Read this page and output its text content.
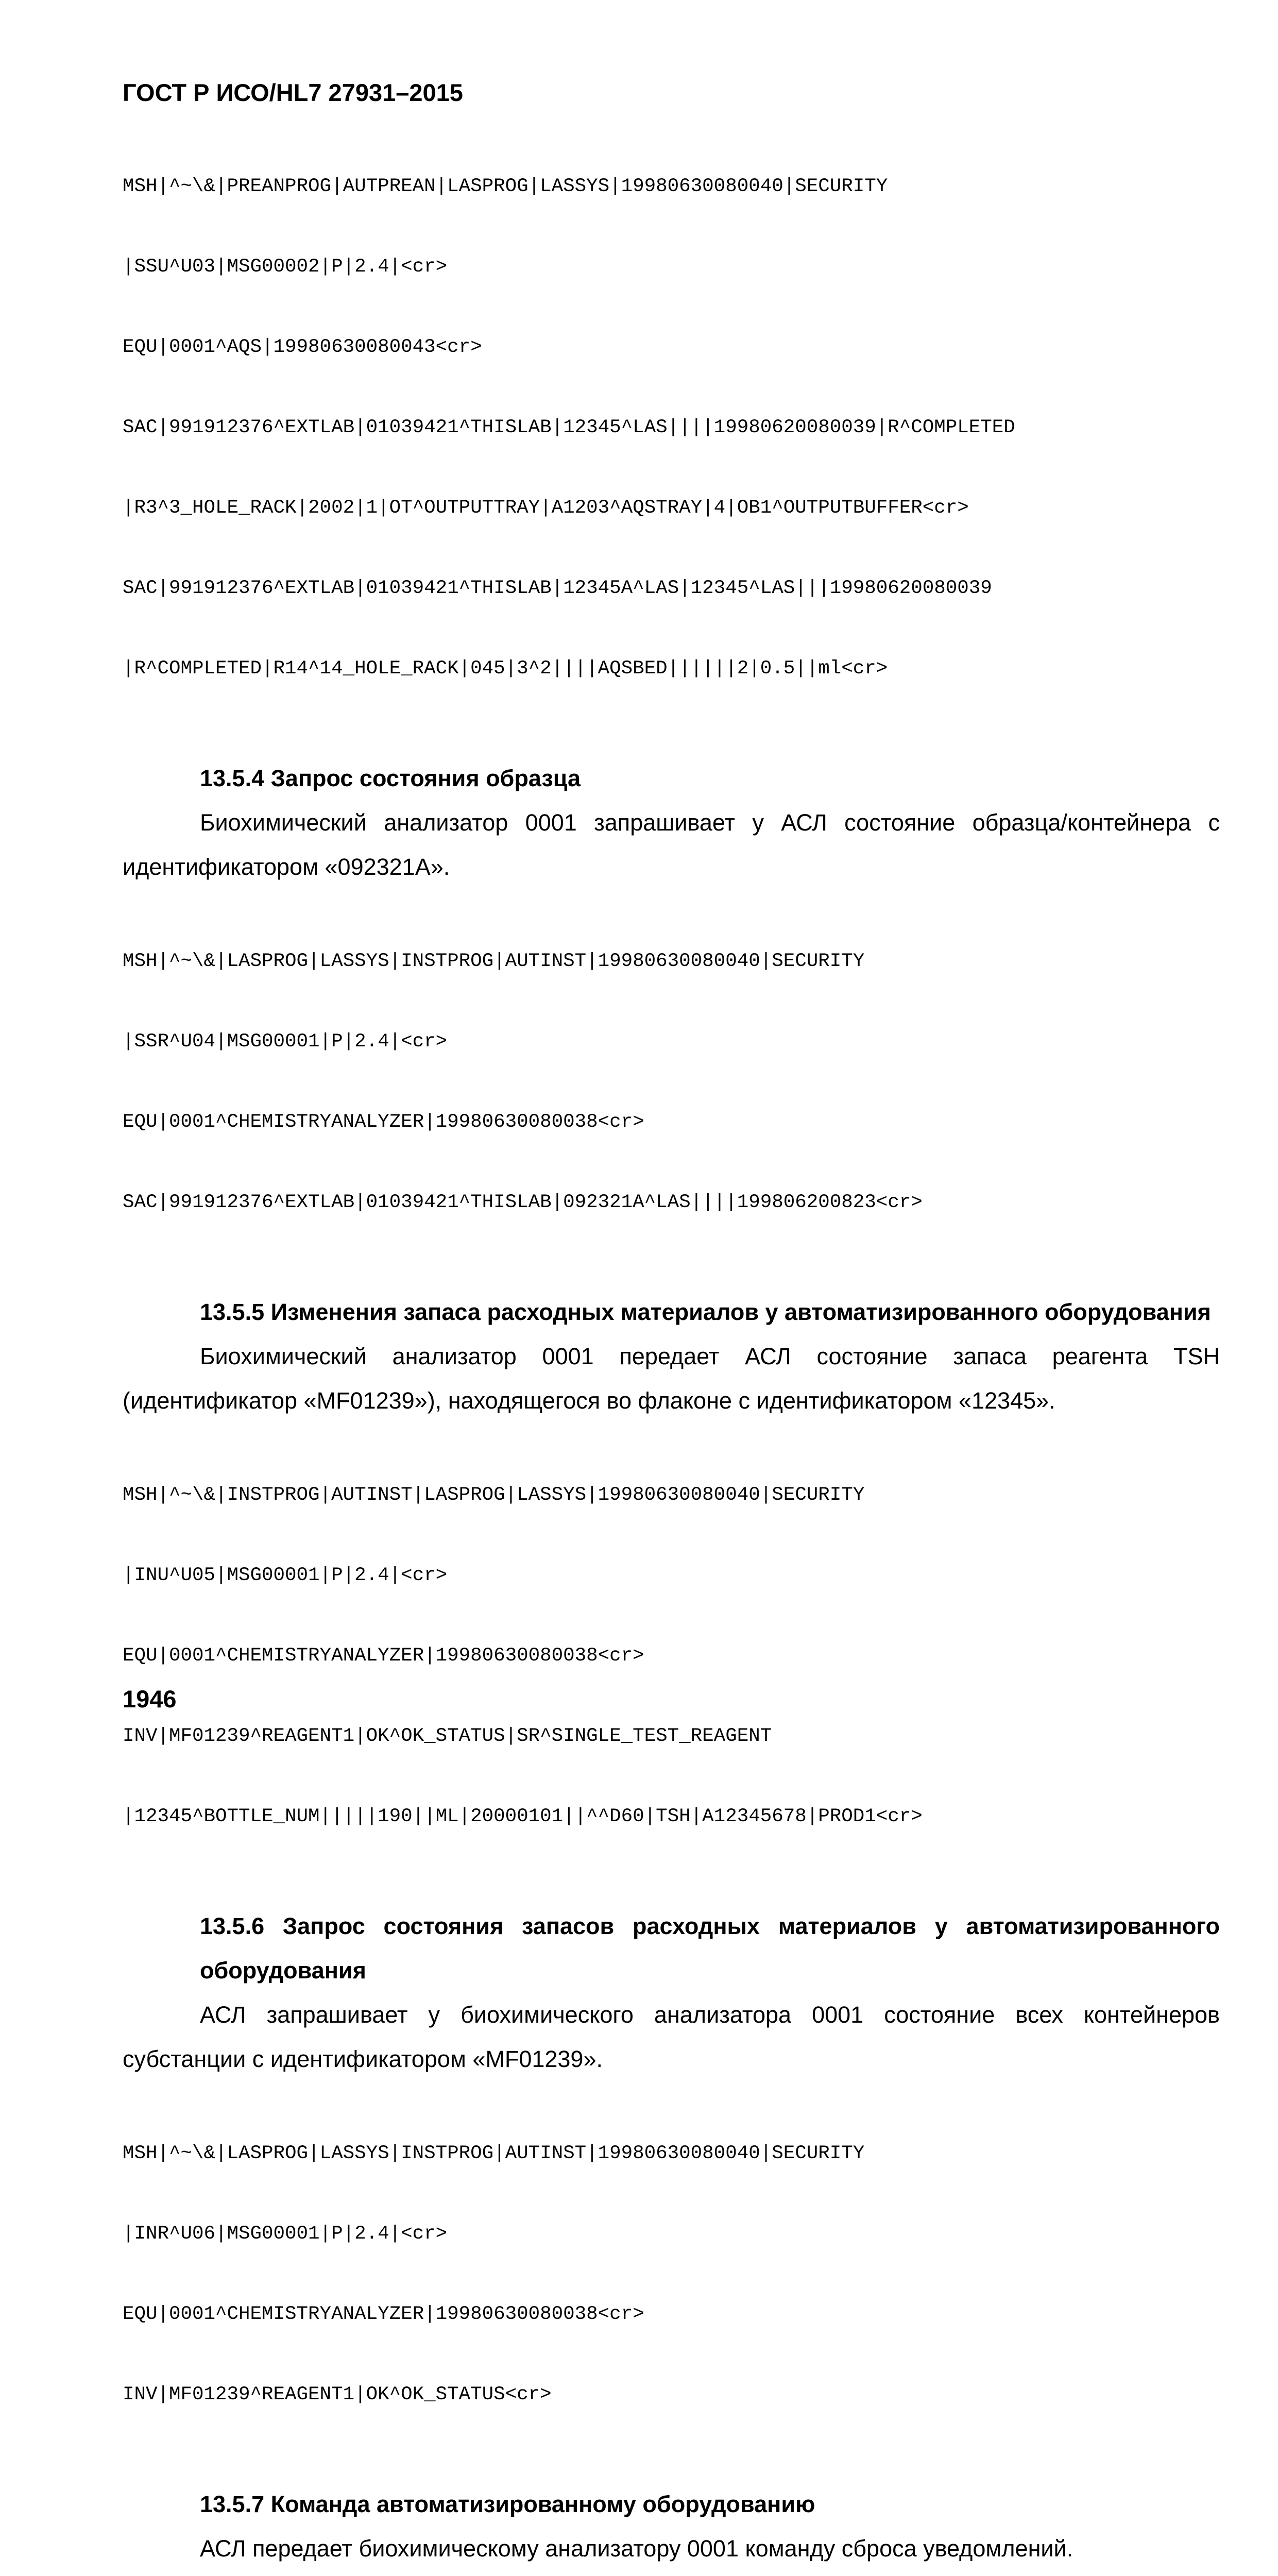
ГОСТ Р ИСО/HL7 27931–2015

MSH|^~\&|PREANPROG|AUTPREAN|LASPROG|LASSYS|19980630080040|SECURITY

|SSU^U03|MSG00002|P|2.4|<cr>

EQU|0001^AQS|19980630080043<cr>

SAC|991912376^EXTLAB|01039421^THISLAB|12345^LAS||||19980620080039|R^COMPLETED

|R3^3_HOLE_RACK|2002|1|OT^OUTPUTTRAY|A1203^AQSTRAY|4|OB1^OUTPUTBUFFER<cr>

SAC|991912376^EXTLAB|01039421^THISLAB|12345A^LAS|12345^LAS|||19980620080039

|R^COMPLETED|R14^14_HOLE_RACK|045|3^2||||AQSBED||||||2|0.5||ml<cr>

13.5.4 Запрос состояния образца

Биохимический анализатор 0001 запрашивает у АСЛ состояние образца/контейнера с идентификатором «092321A».

MSH|^~\&|LASPROG|LASSYS|INSTPROG|AUTINST|19980630080040|SECURITY

|SSR^U04|MSG00001|P|2.4|<cr>

EQU|0001^CHEMISTRYANALYZER|19980630080038<cr>

SAC|991912376^EXTLAB|01039421^THISLAB|092321A^LAS||||199806200823<cr>

13.5.5 Изменения запаса расходных материалов у автоматизированного оборудования

Биохимический анализатор 0001 передает АСЛ состояние запаса реагента TSH (идентификатор «MF01239»), находящегося во флаконе с идентификатором «12345».

MSH|^~\&|INSTPROG|AUTINST|LASPROG|LASSYS|19980630080040|SECURITY

|INU^U05|MSG00001|P|2.4|<cr>

EQU|0001^CHEMISTRYANALYZER|19980630080038<cr>

INV|MF01239^REAGENT1|OK^OK_STATUS|SR^SINGLE_TEST_REAGENT

|12345^BOTTLE_NUM|||||190||ML|20000101||^^D60|TSH|A12345678|PROD1<cr>

13.5.6 Запрос состояния запасов расходных материалов у автоматизированного оборудования

АСЛ запрашивает у биохимического анализатора 0001 состояние всех контейнеров субстанции с идентификатором «MF01239».

MSH|^~\&|LASPROG|LASSYS|INSTPROG|AUTINST|19980630080040|SECURITY

|INR^U06|MSG00001|P|2.4|<cr>

EQU|0001^CHEMISTRYANALYZER|19980630080038<cr>

INV|MF01239^REAGENT1|OK^OK_STATUS<cr>

13.5.7 Команда автоматизированному оборудованию

АСЛ передает биохимическому анализатору 0001 команду сброса уведомлений.

1946
